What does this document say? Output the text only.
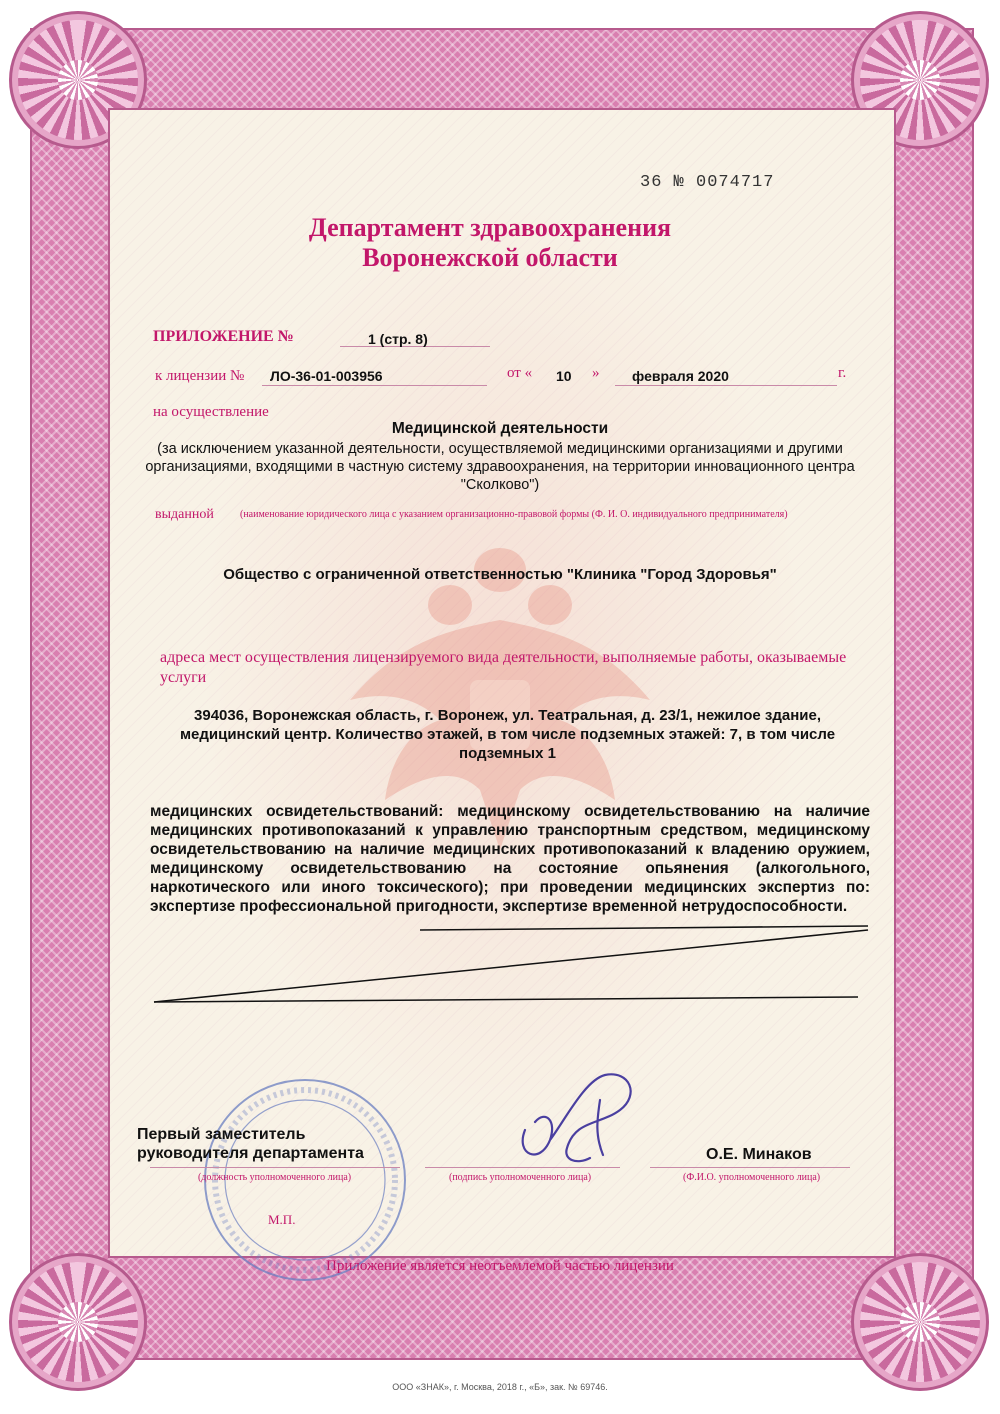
36 № 0074717
Департамент здравоохранения
Воронежской области
ПРИЛОЖЕНИЕ №	1 (стр. 8)
к лицензии № ЛО-36-01-003956	от « 10 » февраля 2020	г.
на осуществление
Медицинской деятельности
(за исключением указанной деятельности, осуществляемой медицинскими организациями и другими организациями, входящими в частную систему здравоохранения, на территории инновационного центра "Сколково")
выданной	(наименование юридического лица с указанием организационно-правовой формы (Ф. И. О. индивидуального предпринимателя)
Общество с ограниченной ответственностью "Клиника "Город Здоровья"
адреса мест осуществления лицензируемого вида деятельности, выполняемые работы, оказываемые услуги
394036, Воронежская область, г. Воронеж, ул. Театральная, д. 23/1, нежилое здание, медицинский центр. Количество этажей, в том числе подземных этажей: 7, в том числе подземных 1
медицинских освидетельствований: медицинскому освидетельствованию на наличие медицинских противопоказаний к управлению транспортным средством, медицинскому освидетельствованию на наличие медицинских противопоказаний к владению оружием, медицинскому освидетельствованию на состояние опьянения (алкогольного, наркотического или иного токсического); при проведении медицинских экспертиз по: экспертизе профессиональной пригодности, экспертизе временной нетрудоспособности.
Первый заместитель
руководителя департамента
(должность уполномоченного лица)	(подпись уполномоченного лица)
О.Е. Минаков
(Ф.И.О. уполномоченного лица)
М.П.
Приложение является неотъемлемой частью лицензии
ООО «ЗНАК», г. Москва, 2018 г., «Б», зак. № 69746.
